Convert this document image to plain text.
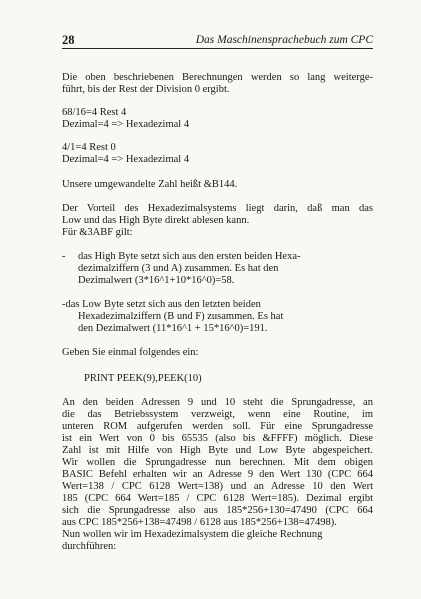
28	Das Maschinensprachebuch zum CPC
Die oben beschriebenen Berechnungen werden so lang weiterge-
führt, bis der Rest der Division 0 ergibt.
68/16=4 Rest 4
Dezimal=4 => Hexadezimal 4
4/1=4 Rest 0
Dezimal=4 => Hexadezimal 4
Unsere umgewandelte Zahl heißt &B144.
Der Vorteil des Hexadezimalsystems liegt darin, daß man das
Low und das High Byte direkt ablesen kann.
Für &3ABF gilt:
-	das High Byte setzt sich aus den ersten beiden Hexa-
dezimalziffern (3 und A) zusammen. Es hat den
Dezimalwert (3*16^1+10*16^0)=58.
-das Low Byte setzt sich aus den letzten beiden
Hexadezimalziffern (B und F) zusammen. Es hat
den Dezimalwert (11*16^1 + 15*16^0)=191.
Geben Sie einmal folgendes ein:
PRINT PEEK(9),PEEK(10)
An den beiden Adressen 9 und 10 steht die Sprungadresse, an
die das Betriebssystem verzweigt, wenn eine Routine, im
unteren ROM aufgerufen werden soll. Für eine Sprungadresse
ist ein Wert von 0 bis 65535 (also bis &FFFF) möglich. Diese
Zahl ist mit Hilfe von High Byte und Low Byte abgespeichert.
Wir wollen die Sprungadresse nun berechnen. Mit dem obigen
BASIC Befehl erhalten wir an Adresse 9 den Wert 130 (CPC 664
Wert=138 / CPC 6128 Wert=138) und an Adresse 10 den Wert
185 (CPC 664 Wert=185 / CPC 6128 Wert=185). Dezimal ergibt
sich die Sprungadresse also aus 185*256+130=47490 (CPC 664
aus CPC 185*256+138=47498 / 6128 aus 185*256+138=47498).
Nun wollen wir im Hexadezimalsystem die gleiche Rechnung
durchführen:
